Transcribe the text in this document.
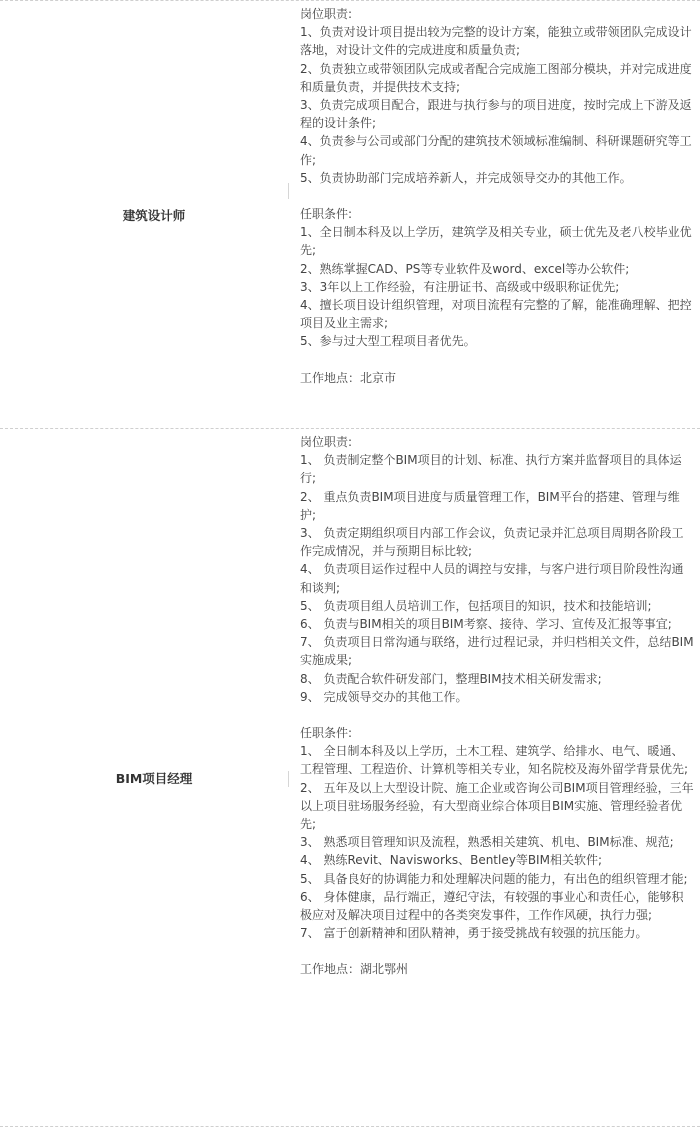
建筑设计师

岗位职责:

1、负责对设计项目提出较为完整的设计方案，能独立或带领团队完成设计落地，对设计文件的完成进度和质量负责;
2、负责独立或带领团队完成或者配合完成施工图部分模块，并对完成进度和质量负责，并提供技术支持;
3、负责完成项目配合，跟进与执行参与的项目进度，按时完成上下游及返程的设计条件;
4、负责参与公司或部门分配的建筑技术领域标准编制、科研课题研究等工作;
5、负责协助部门完成培养新人，并完成领导交办的其他工作。

任职条件:

1、全日制本科及以上学历，建筑学及相关专业，硕士优先及老八校毕业优先;
2、熟练掌握CAD、PS等专业软件及word、excel等办公软件;
3、3年以上工作经验，有注册证书、高级或中级职称证优先;
4、擅长项目设计组织管理，对项目流程有完整的了解，能准确理解、把控项目及业主需求;
5、参与过大型工程项目者优先。

工作地点：北京市

BIM项目经理

岗位职责:

1、 负责制定整个BIM项目的计划、标准、执行方案并监督项目的具体运行;
2、 重点负责BIM项目进度与质量管理工作，BIM平台的搭建、管理与维护;
3、 负责定期组织项目内部工作会议，负责记录并汇总项目周期各阶段工作完成情况，并与预期目标比较;
4、 负责项目运作过程中人员的调控与安排，与客户进行项目阶段性沟通和谈判;
5、 负责项目组人员培训工作，包括项目的知识，技术和技能培训;
6、 负责与BIM相关的项目BIM考察、接待、学习、宣传及汇报等事宜;
7、 负责项目日常沟通与联络，进行过程记录，并归档相关文件，总结BIM实施成果;
8、 负责配合软件研发部门，整理BIM技术相关研发需求;
9、 完成领导交办的其他工作。

任职条件:

1、 全日制本科及以上学历，土木工程、建筑学、给排水、电气、暖通、工程管理、工程造价、计算机等相关专业，知名院校及海外留学背景优先;
2、 五年及以上大型设计院、施工企业或咨询公司BIM项目管理经验，三年以上项目驻场服务经验，有大型商业综合体项目BIM实施、管理经验者优先;
3、 熟悉项目管理知识及流程，熟悉相关建筑、机电、BIM标准、规范;
4、 熟练Revit、Navisworks、Bentley等BIM相关软件;
5、 具备良好的协调能力和处理解决问题的能力，有出色的组织管理才能;
6、 身体健康，品行端正，遵纪守法，有较强的事业心和责任心，能够积极应对及解决项目过程中的各类突发事件，工作作风硬，执行力强;
7、 富于创新精神和团队精神，勇于接受挑战有较强的抗压能力。

工作地点：湖北鄂州
